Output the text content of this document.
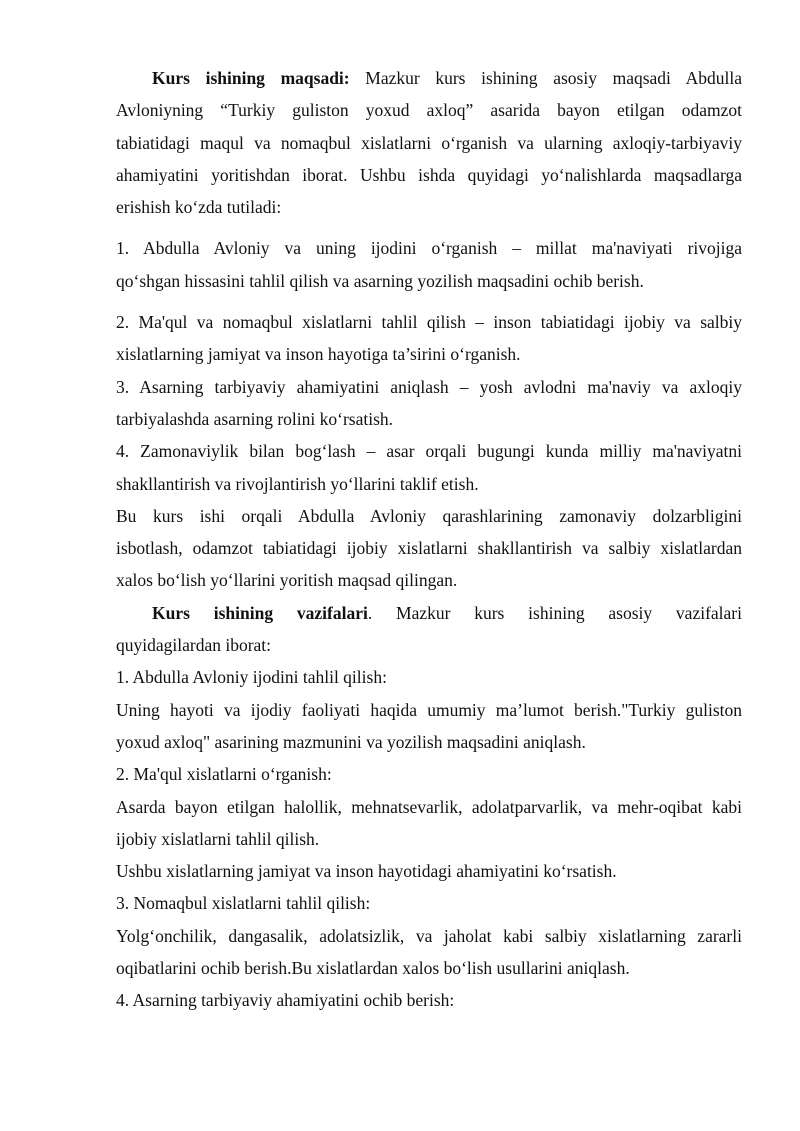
Kurs ishining maqsadi: Mazkur kurs ishining asosiy maqsadi Abdulla

Avloniyning “Turkiy guliston yoxud axloq” asarida bayon etilgan odamzot

tabiatidagi maqul va nomaqbul xislatlarni o‘rganish va ularning axloqiy-tarbiyaviy

ahamiyatini yoritishdan iborat. Ushbu ishda quyidagi yo‘nalishlarda maqsadlarga

erishish ko‘zda tutiladi:

1. Abdulla Avloniy va uning ijodini o‘rganish – millat ma'naviyati rivojiga

qo‘shgan hissasini tahlil qilish va asarning yozilish maqsadini ochib berish.

2. Ma'qul va nomaqbul xislatlarni tahlil qilish – inson tabiatidagi ijobiy va salbiy

xislatlarning jamiyat va inson hayotiga ta’sirini o‘rganish.

3. Asarning tarbiyaviy ahamiyatini aniqlash – yosh avlodni ma'naviy va axloqiy

tarbiyalashda asarning rolini ko‘rsatish.

4. Zamonaviylik bilan bog‘lash – asar orqali bugungi kunda milliy ma'naviyatni

shakllantirish va rivojlantirish yo‘llarini taklif etish.

Bu kurs ishi orqali Abdulla Avloniy qarashlarining zamonaviy dolzarbligini

isbotlash, odamzot tabiatidagi ijobiy xislatlarni shakllantirish va salbiy xislatlardan

xalos bo‘lish yo‘llarini yoritish maqsad qilingan.

Kurs ishining vazifalari. Mazkur kurs ishining asosiy vazifalari

quyidagilardan iborat:

1. Abdulla Avloniy ijodini tahlil qilish:

Uning hayoti va ijodiy faoliyati haqida umumiy ma’lumot berish."Turkiy guliston

yoxud axloq" asarining mazmunini va yozilish maqsadini aniqlash.

2. Ma'qul xislatlarni o‘rganish:

Asarda bayon etilgan halollik, mehnatsevarlik, adolatparvarlik, va mehr-oqibat kabi

ijobiy xislatlarni tahlil qilish.

Ushbu xislatlarning jamiyat va inson hayotidagi ahamiyatini ko‘rsatish.

3. Nomaqbul xislatlarni tahlil qilish:

Yolg‘onchilik, dangasalik, adolatsizlik, va jaholat kabi salbiy xislatlarning zararli

oqibatlarini ochib berish.Bu xislatlardan xalos bo‘lish usullarini aniqlash.

4. Asarning tarbiyaviy ahamiyatini ochib berish:
